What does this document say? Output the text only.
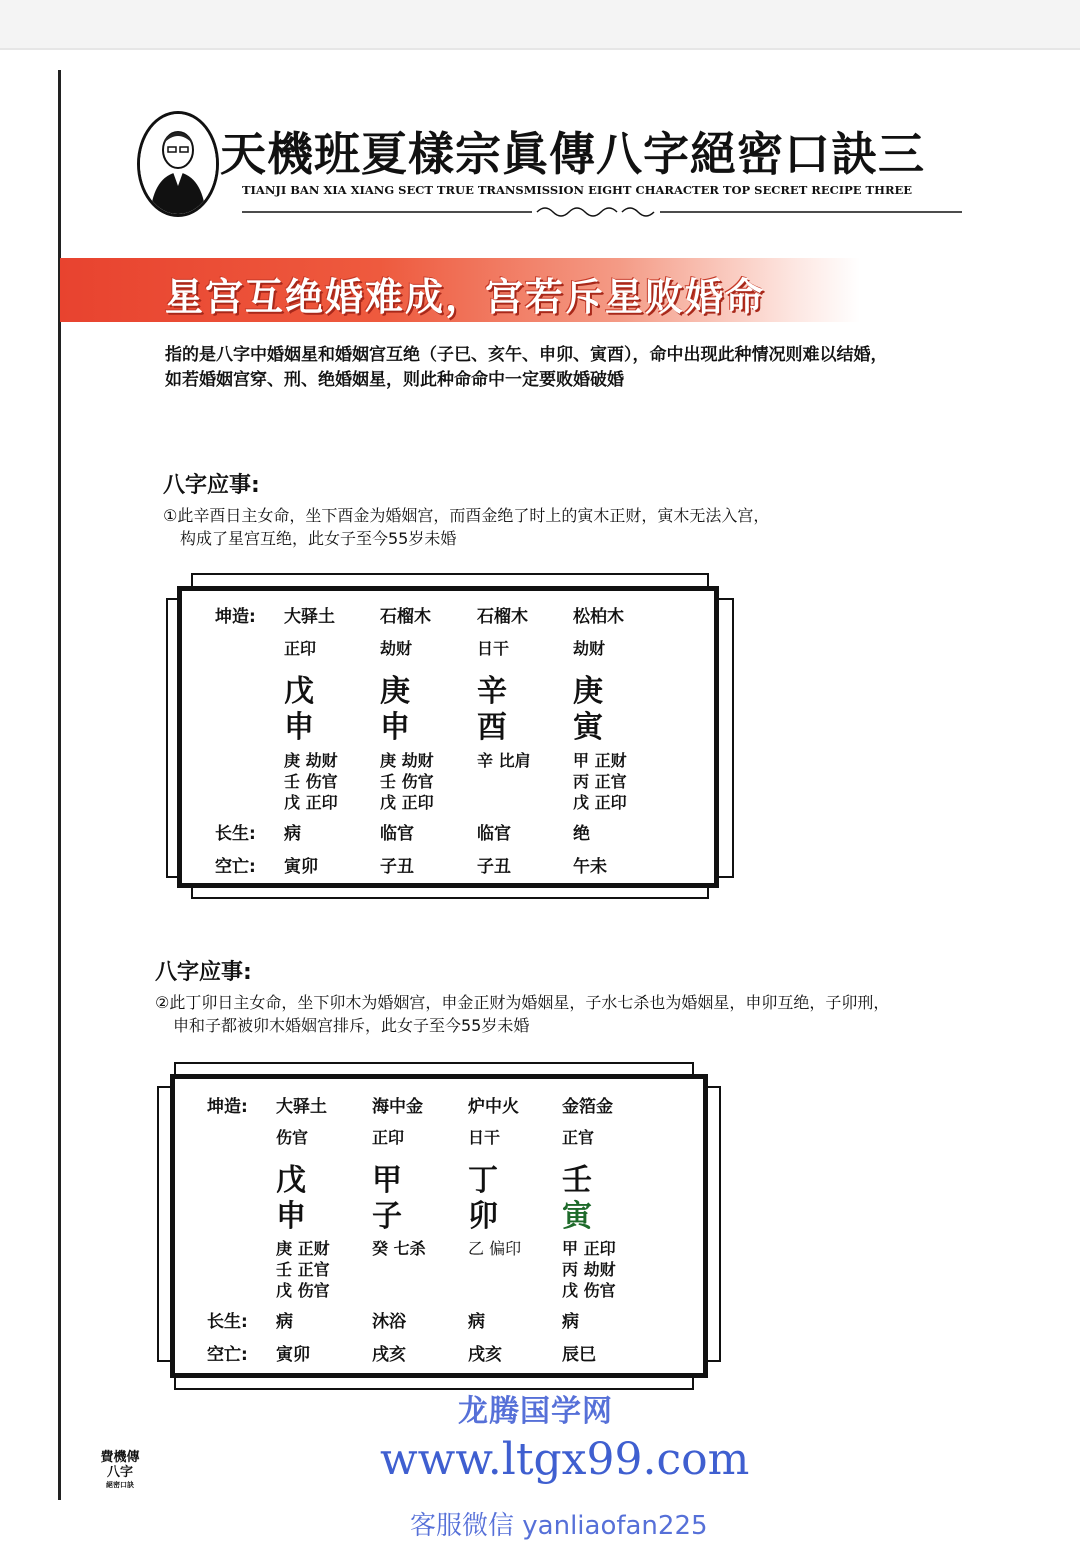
天機班夏樣宗眞傳八字絕密口訣三
TIANJI BAN XIA XIANG SECT TRUE TRANSMISSION EIGHT CHARACTER TOP SECRET RECIPE THREE
星宫互绝婚难成，宫若斥星败婚命
指的是八字中婚姻星和婚姻宫互绝（子巳、亥午、申卯、寅酉），命中出现此种情况则难以结婚，
如若婚姻宫穿、刑、绝婚姻星，则此种命命中一定要败婚破婚
八字应事:
①此辛酉日主女命，坐下酉金为婚姻宫，而酉金绝了时上的寅木正财，寅木无法入宫，
构成了星宫互绝，此女子至今55岁未婚
坤造:
长生:
空亡:
大驿土
正印
戊
申
庚 劫财
壬 伤官
戊 正印
病
寅卯
石榴木
劫财
庚
申
庚 劫财
壬 伤官
戊 正印
临官
子丑
石榴木
日干
辛
酉
辛 比肩
临官
子丑
松柏木
劫财
庚
寅
甲 正财
丙 正官
戊 正印
绝
午未
八字应事:
②此丁卯日主女命，坐下卯木为婚姻宫，申金正财为婚姻星，子水七杀也为婚姻星，申卯互绝，子卯刑，
申和子都被卯木婚姻宫排斥，此女子至今55岁未婚
坤造:
长生:
空亡:
大驿土
伤官
戊
申
庚 正财
壬 正官
戊 伤官
病
寅卯
海中金
正印
甲
子
癸 七杀
沐浴
戌亥
炉中火
日干
丁
卯
乙 偏印
病
戌亥
金箔金
正官
壬
寅
甲 正印
丙 劫财
戊 伤官
病
辰巳
費機傳
八字
絕密口訣
龙腾国学网
www.ltgx99.com
客服微信 yanliaofan225
